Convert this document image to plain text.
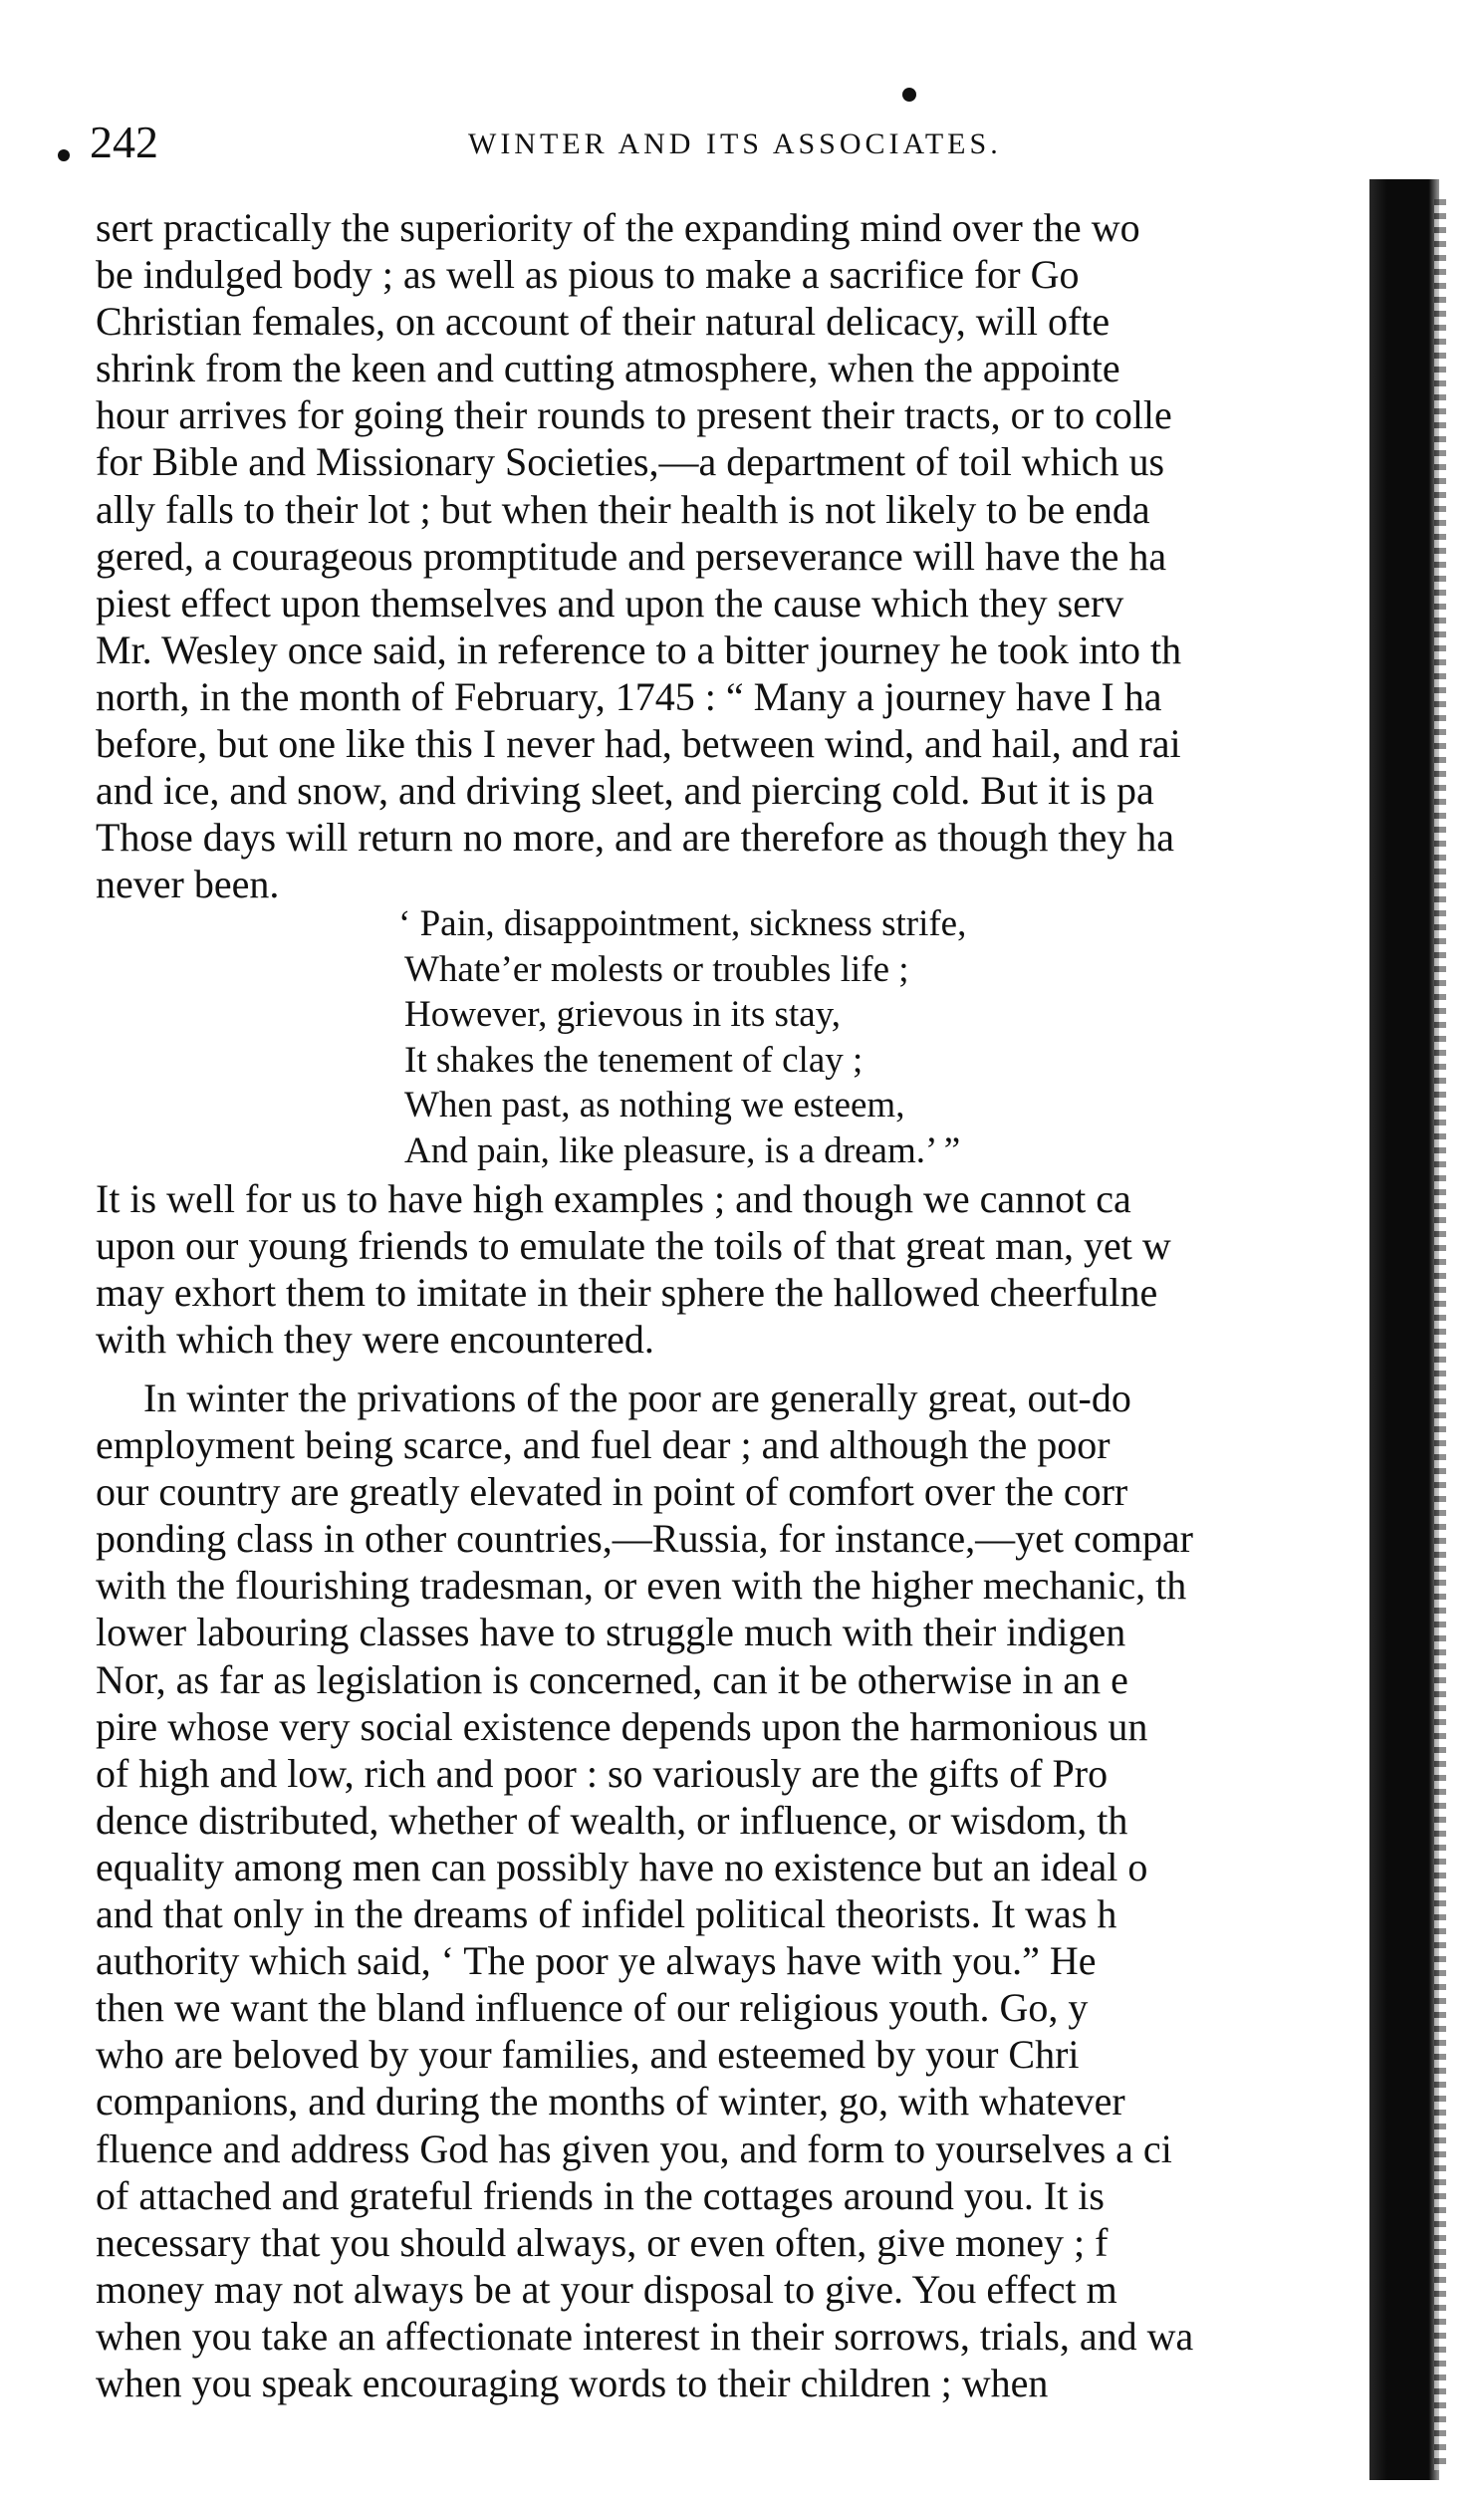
242	WINTER AND ITS ASSOCIATES.
sert practically the superiority of the expanding mind over the wo
be indulged body ; as well as pious to make a sacrifice for Go
Christian females, on account of their natural delicacy, will ofte
shrink from the keen and cutting atmosphere, when the appointe
hour arrives for going their rounds to present their tracts, or to colle
for Bible and Missionary Societies,—a department of toil which us
ally falls to their lot ; but when their health is not likely to be enda
gered, a courageous promptitude and perseverance will have the ha
piest effect upon themselves and upon the cause which they serv
Mr. Wesley once said, in reference to a bitter journey he took into th
north, in the month of February, 1745 : “ Many a journey have I ha
before, but one like this I never had, between wind, and hail, and rai
and ice, and snow, and driving sleet, and piercing cold. But it is pa
Those days will return no more, and are therefore as though they ha
never been.
‘ Pain, disappointment, sickness strife,
Whate’er molests or troubles life ;
However, grievous in its stay,
It shakes the tenement of clay ;
When past, as nothing we esteem,
And pain, like pleasure, is a dream.’ ”
It is well for us to have high examples ; and though we cannot ca
upon our young friends to emulate the toils of that great man, yet w
may exhort them to imitate in their sphere the hallowed cheerfulne
with which they were encountered.
In winter the privations of the poor are generally great, out-do
employment being scarce, and fuel dear ; and although the poor
our country are greatly elevated in point of comfort over the corr
ponding class in other countries,—Russia, for instance,—yet compar
with the flourishing tradesman, or even with the higher mechanic, th
lower labouring classes have to struggle much with their indigen
Nor, as far as legislation is concerned, can it be otherwise in an e
pire whose very social existence depends upon the harmonious un
of high and low, rich and poor : so variously are the gifts of Pro
dence distributed, whether of wealth, or influence, or wisdom, th
equality among men can possibly have no existence but an ideal o
and that only in the dreams of infidel political theorists. It was h
authority which said, ‘ The poor ye always have with you.” He
then we want the bland influence of our religious youth. Go, y
who are beloved by your families, and esteemed by your Chri
companions, and during the months of winter, go, with whatever
fluence and address God has given you, and form to yourselves a ci
of attached and grateful friends in the cottages around you. It is
necessary that you should always, or even often, give money ; f
money may not always be at your disposal to give. You effect m
when you take an affectionate interest in their sorrows, trials, and wa
when you speak encouraging words to their children ; when
